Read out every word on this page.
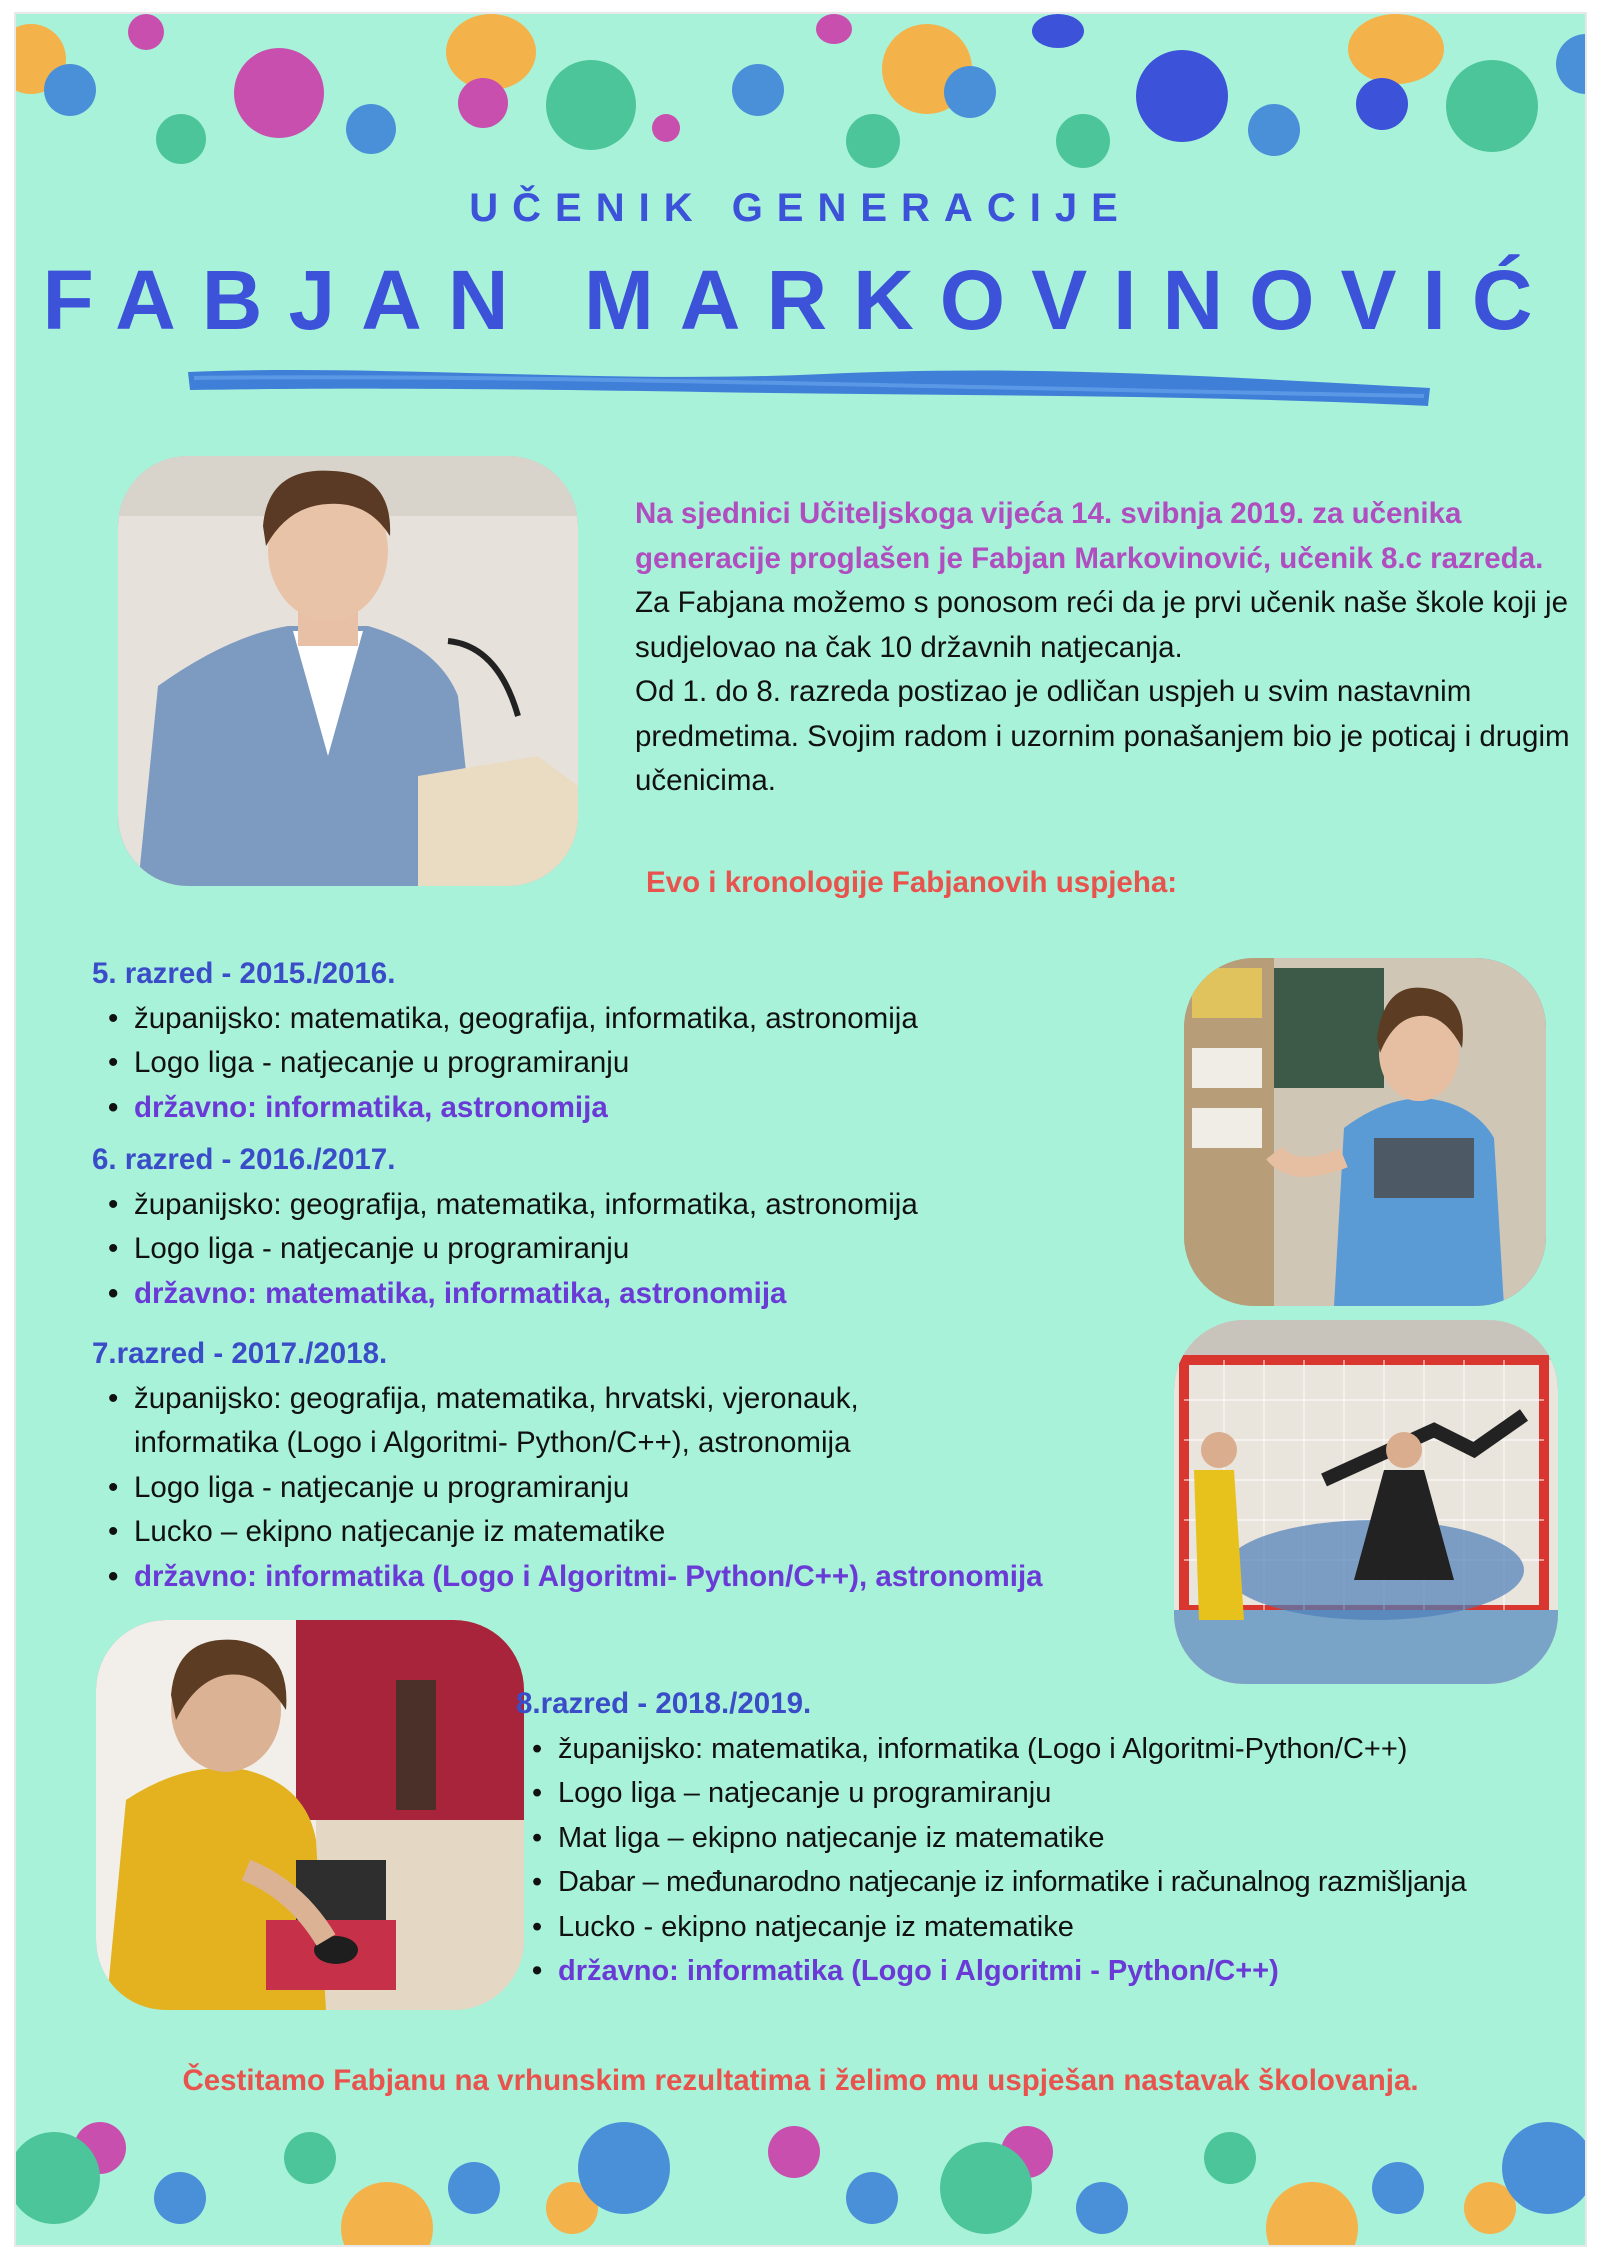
UČENIK GENERACIJE
FABJAN MARKOVINOVIĆ
Na sjednici Učiteljskoga vijeća 14. svibnja 2019. za učenika generacije proglašen je Fabjan Markovinović, učenik 8.c razreda.
Za Fabjana možemo s ponosom reći da je prvi učenik naše škole koji je sudjelovao na čak 10 državnih natjecanja.
Od 1. do 8. razreda postizao je odličan uspjeh u svim nastavnim predmetima. Svojim radom i uzornim ponašanjem bio je poticaj i drugim učenicima.
Evo i kronologije Fabjanovih uspjeha:
5. razred - 2015./2016.
• županijsko: matematika, geografija, informatika, astronomija
• Logo liga - natjecanje u programiranju
• državno: informatika, astronomija
6. razred - 2016./2017.
• županijsko: geografija, matematika, informatika, astronomija
• Logo liga - natjecanje u programiranju
• državno: matematika, informatika, astronomija
7.razred - 2017./2018.
• županijsko: geografija, matematika, hrvatski, vjeronauk, informatika (Logo i Algoritmi- Python/C++), astronomija
• Logo liga - natjecanje u programiranju
• Lucko – ekipno natjecanje iz matematike
• državno: informatika (Logo i Algoritmi- Python/C++), astronomija
8.razred - 2018./2019.
• županijsko: matematika, informatika (Logo i Algoritmi-Python/C++)
• Logo liga – natjecanje u programiranju
• Mat liga – ekipno natjecanje iz matematike
• Dabar – međunarodno natjecanje iz informatike i računalnog razmišljanja
• Lucko - ekipno natjecanje iz matematike
• državno: informatika (Logo i Algoritmi - Python/C++)
Čestitamo Fabjanu na vrhunskim rezultatima i želimo mu uspješan nastavak školovanja.
